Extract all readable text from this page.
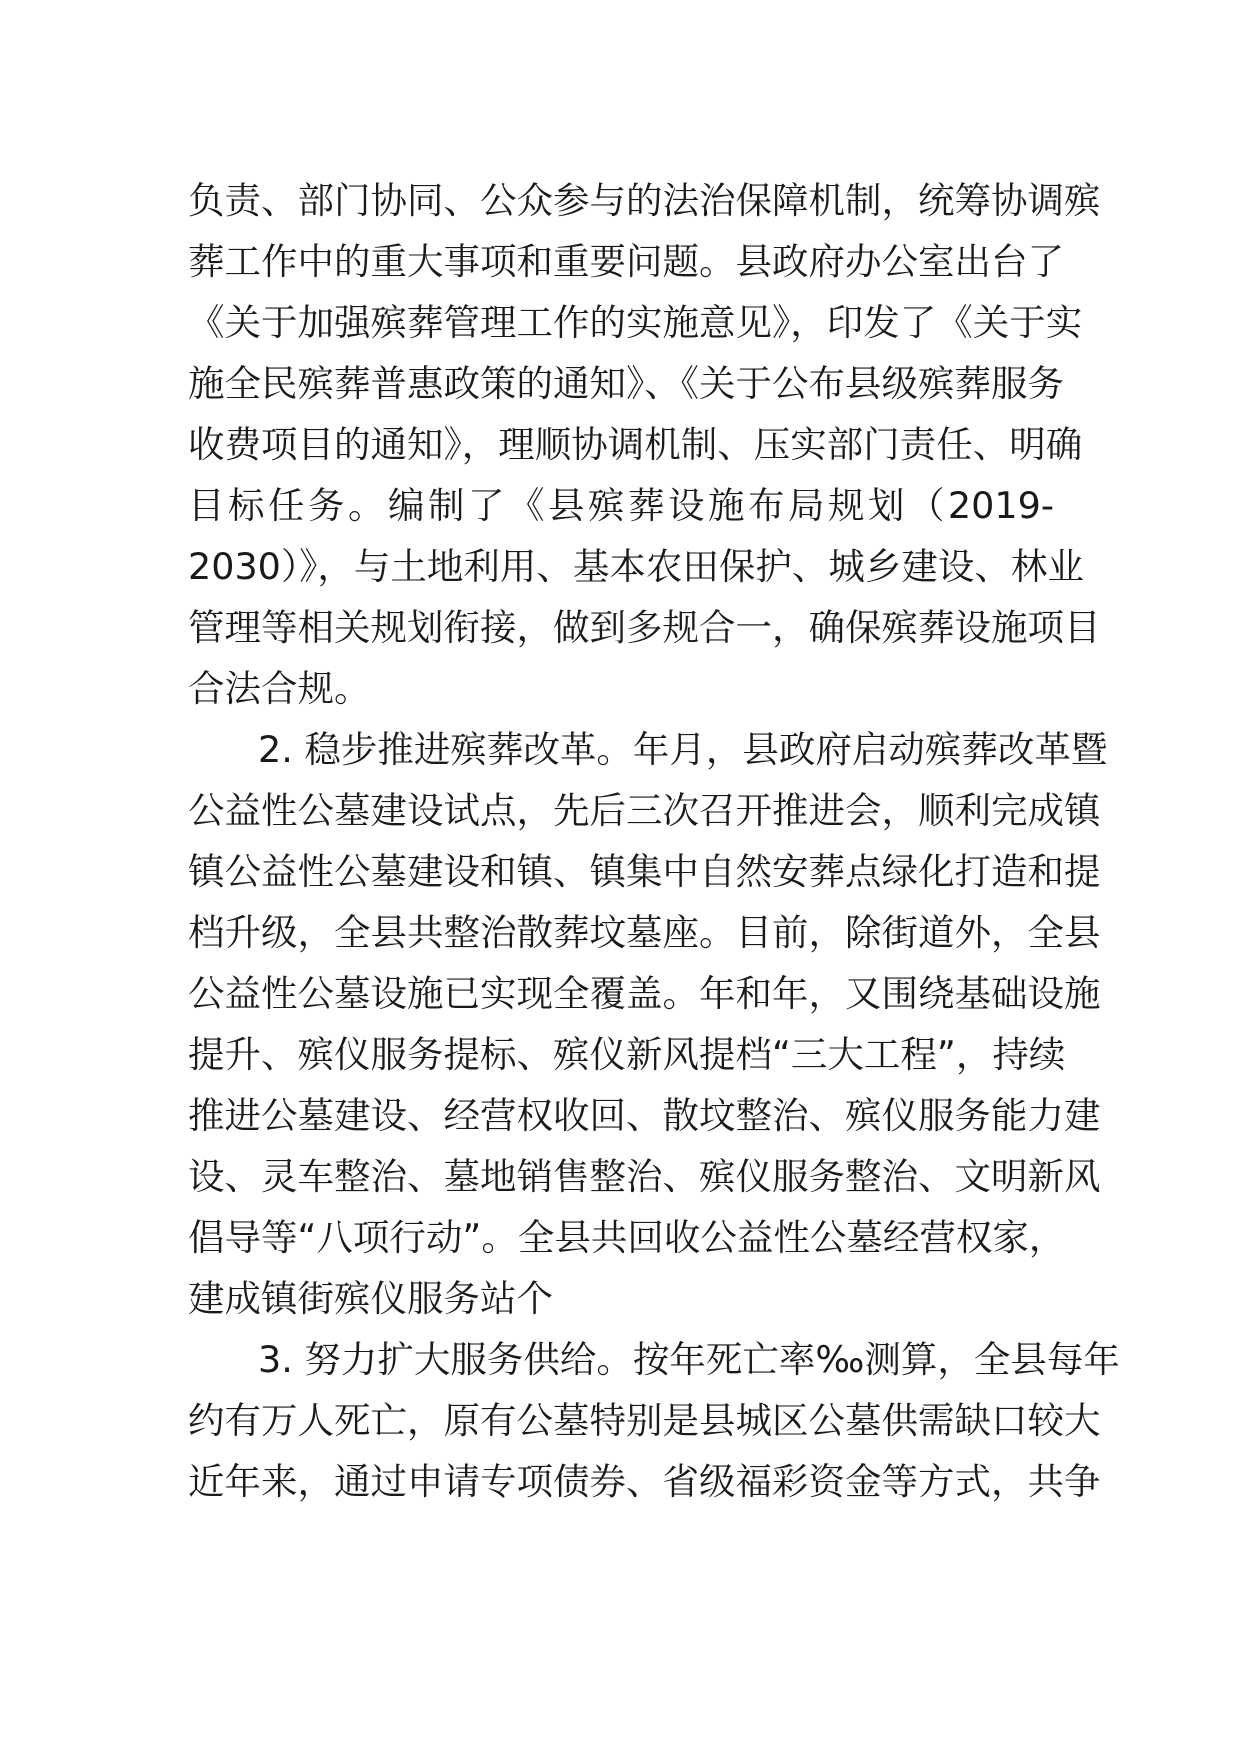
负责、部门协同、公众参与的法治保障机制，统筹协调殡

葬工作中的重大事项和重要问题。县政府办公室出台了

《关于加强殡葬管理工作的实施意见》，印发了《关于实

施全民殡葬普惠政策的通知》、《关于公布县级殡葬服务

收费项目的通知》，理顺协调机制、压实部门责任、明确

目标任务。编制了《县殡葬设施布局规划（2019-

2030）》，与土地利用、基本农田保护、城乡建设、林业

管理等相关规划衔接，做到多规合一，确保殡葬设施项目

合法合规。

2. 稳步推进殡葬改革。年月，县政府启动殡葬改革暨

公益性公墓建设试点，先后三次召开推进会，顺利完成镇

镇公益性公墓建设和镇、镇集中自然安葬点绿化打造和提

档升级，全县共整治散葬坟墓座。目前，除街道外，全县

公益性公墓设施已实现全覆盖。年和年，又围绕基础设施

提升、殡仪服务提标、殡仪新风提档“三大工程”，持续

推进公墓建设、经营权收回、散坟整治、殡仪服务能力建

设、灵车整治、墓地销售整治、殡仪服务整治、文明新风

倡导等“八项行动”。全县共回收公益性公墓经营权家，

建成镇街殡仪服务站个

3. 努力扩大服务供给。按年死亡率‰测算，全县每年

约有万人死亡，原有公墓特别是县城区公墓供需缺口较大

近年来，通过申请专项债券、省级福彩资金等方式，共争
